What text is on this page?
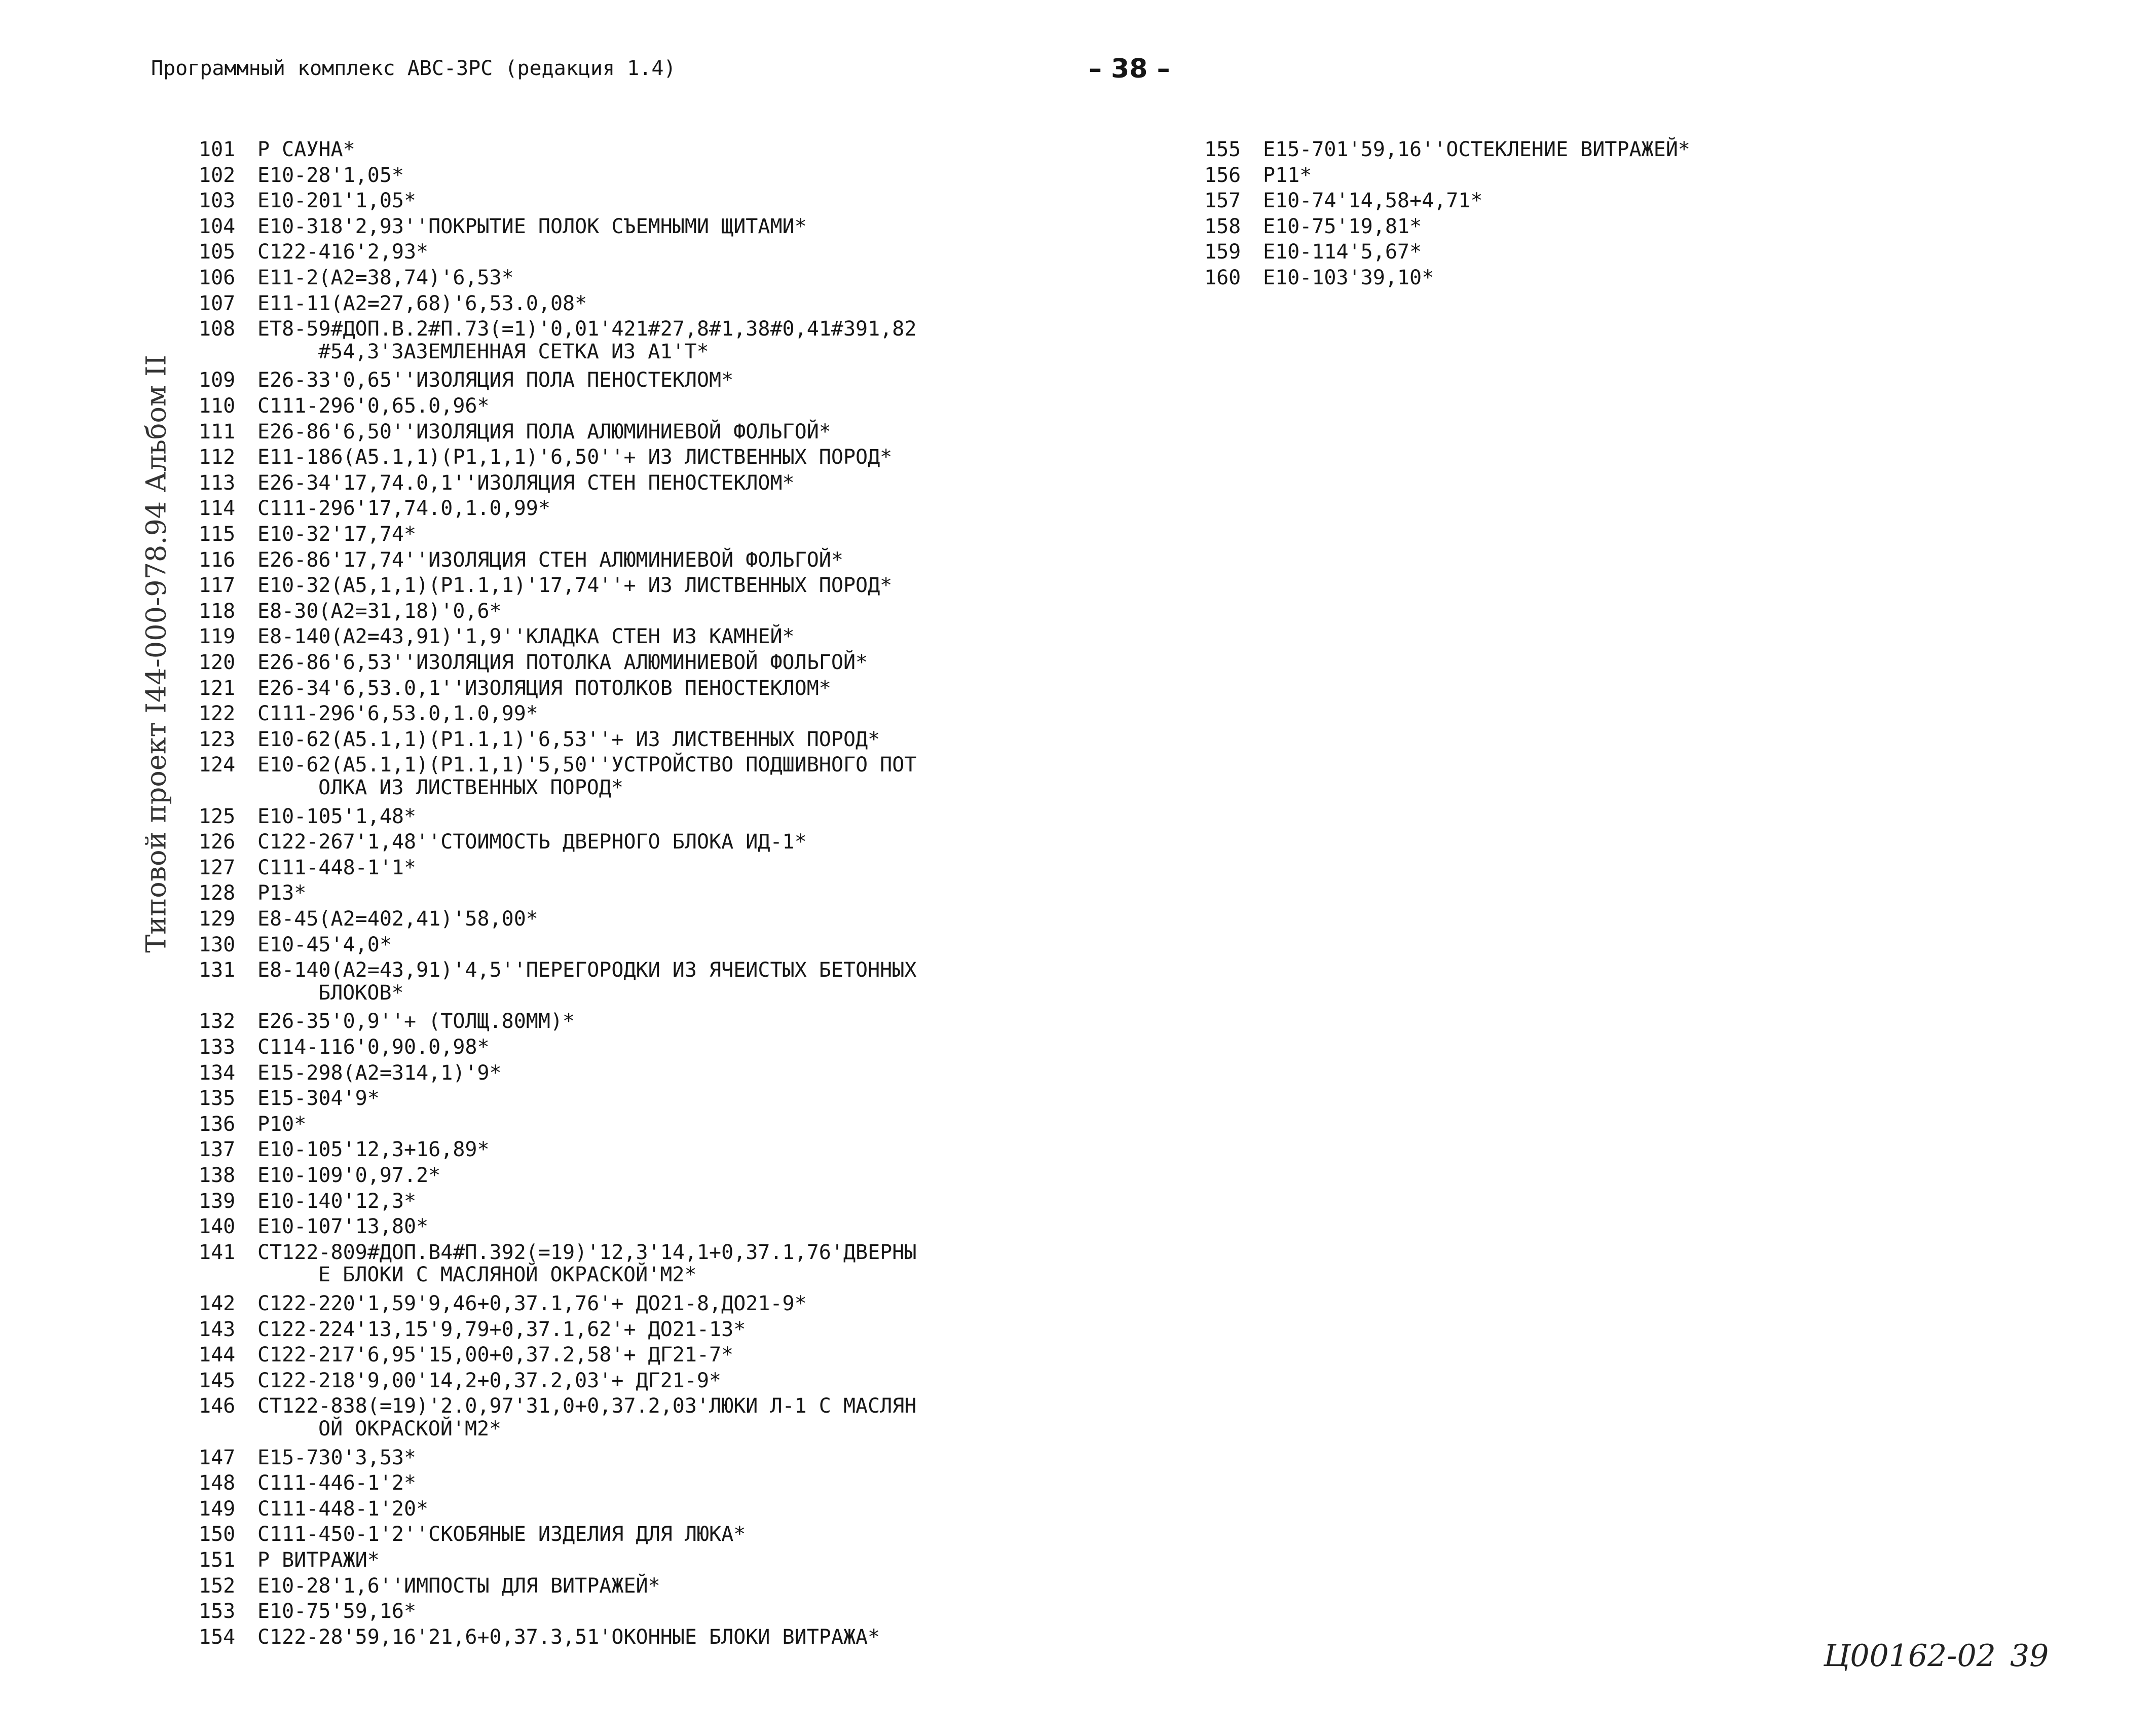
Типовой проект І44-000-978.94 Альбом ІІ
Программный комплекс АВС-3РС (редакция 1.4)	– 38 –
101 Р САУНА*
102 Е10-28'1,05*
103 Е10-201'1,05*
104 Е10-318'2,93''ПОКРЫТИЕ ПОЛОК СЪЕМНЫМИ ЩИТАМИ*
105 С122-416'2,93*
106 Е11-2(А2=38,74)'6,53*
107 Е11-11(А2=27,68)'6,53.0,08*
108 ЕТ8-59#ДОП.В.2#П.73(=1)'0,01'421#27,8#1,38#0,41#391,82
#54,3'ЗАЗЕМЛЕННАЯ СЕТКА ИЗ А1'Т*
109 Е26-33'0,65''ИЗОЛЯЦИЯ ПОЛА ПЕНОСТЕКЛОМ*
110 С111-296'0,65.0,96*
111 Е26-86'6,50''ИЗОЛЯЦИЯ ПОЛА АЛЮМИНИЕВОЙ ФОЛЬГОЙ*
112 Е11-186(А5.1,1)(Р1,1,1)'6,50''+ ИЗ ЛИСТВЕННЫХ ПОРОД*
113 Е26-34'17,74.0,1''ИЗОЛЯЦИЯ СТЕН ПЕНОСТЕКЛОМ*
114 С111-296'17,74.0,1.0,99*
115 Е10-32'17,74*
116 Е26-86'17,74''ИЗОЛЯЦИЯ СТЕН АЛЮМИНИЕВОЙ ФОЛЬГОЙ*
117 Е10-32(А5,1,1)(Р1.1,1)'17,74''+ ИЗ ЛИСТВЕННЫХ ПОРОД*
118 Е8-30(А2=31,18)'0,6*
119 Е8-140(А2=43,91)'1,9''КЛАДКА СТЕН ИЗ КАМНЕЙ*
120 Е26-86'6,53''ИЗОЛЯЦИЯ ПОТОЛКА АЛЮМИНИЕВОЙ ФОЛЬГОЙ*
121 Е26-34'6,53.0,1''ИЗОЛЯЦИЯ ПОТОЛКОВ ПЕНОСТЕКЛОМ*
122 С111-296'6,53.0,1.0,99*
123 Е10-62(А5.1,1)(Р1.1,1)'6,53''+ ИЗ ЛИСТВЕННЫХ ПОРОД*
124 Е10-62(А5.1,1)(Р1.1,1)'5,50''УСТРОЙСТВО ПОДШИВНОГО ПОТ
ОЛКА ИЗ ЛИСТВЕННЫХ ПОРОД*
125 Е10-105'1,48*
126 С122-267'1,48''СТОИМОСТЬ ДВЕРНОГО БЛОКА ИД-1*
127 С111-448-1'1*
128 Р13*
129 Е8-45(А2=402,41)'58,00*
130 Е10-45'4,0*
131 Е8-140(А2=43,91)'4,5''ПЕРЕГОРОДКИ ИЗ ЯЧЕИСТЫХ БЕТОННЫХ
БЛОКОВ*
132 Е26-35'0,9''+ (ТОЛЩ.80ММ)*
133 С114-116'0,90.0,98*
134 Е15-298(А2=314,1)'9*
135 Е15-304'9*
136 Р10*
137 Е10-105'12,3+16,89*
138 Е10-109'0,97.2*
139 Е10-140'12,3*
140 Е10-107'13,80*
141 СТ122-809#ДОП.В4#П.392(=19)'12,3'14,1+0,37.1,76'ДВЕРНЫ
Е БЛОКИ С МАСЛЯНОЙ ОКРАСКОЙ'М2*
142 С122-220'1,59'9,46+0,37.1,76'+ ДО21-8,ДО21-9*
143 С122-224'13,15'9,79+0,37.1,62'+ ДО21-13*
144 С122-217'6,95'15,00+0,37.2,58'+ ДГ21-7*
145 С122-218'9,00'14,2+0,37.2,03'+ ДГ21-9*
146 СТ122-838(=19)'2.0,97'31,0+0,37.2,03'ЛЮКИ Л-1 С МАСЛЯН
ОЙ ОКРАСКОЙ'М2*
147 Е15-730'3,53*
148 С111-446-1'2*
149 С111-448-1'20*
150 С111-450-1'2''СКОБЯНЫЕ ИЗДЕЛИЯ ДЛЯ ЛЮКА*
151 Р ВИТРАЖИ*
152 Е10-28'1,6''ИМПОСТЫ ДЛЯ ВИТРАЖЕЙ*
153 Е10-75'59,16*
154 С122-28'59,16'21,6+0,37.3,51'ОКОННЫЕ БЛОКИ ВИТРАЖА*
155 Е15-701'59,16''ОСТЕКЛЕНИЕ ВИТРАЖЕЙ*
156 Р11*
157 Е10-74'14,58+4,71*
158 Е10-75'19,81*
159 Е10-114'5,67*
160 Е10-103'39,10*
Ц00162-02 39
